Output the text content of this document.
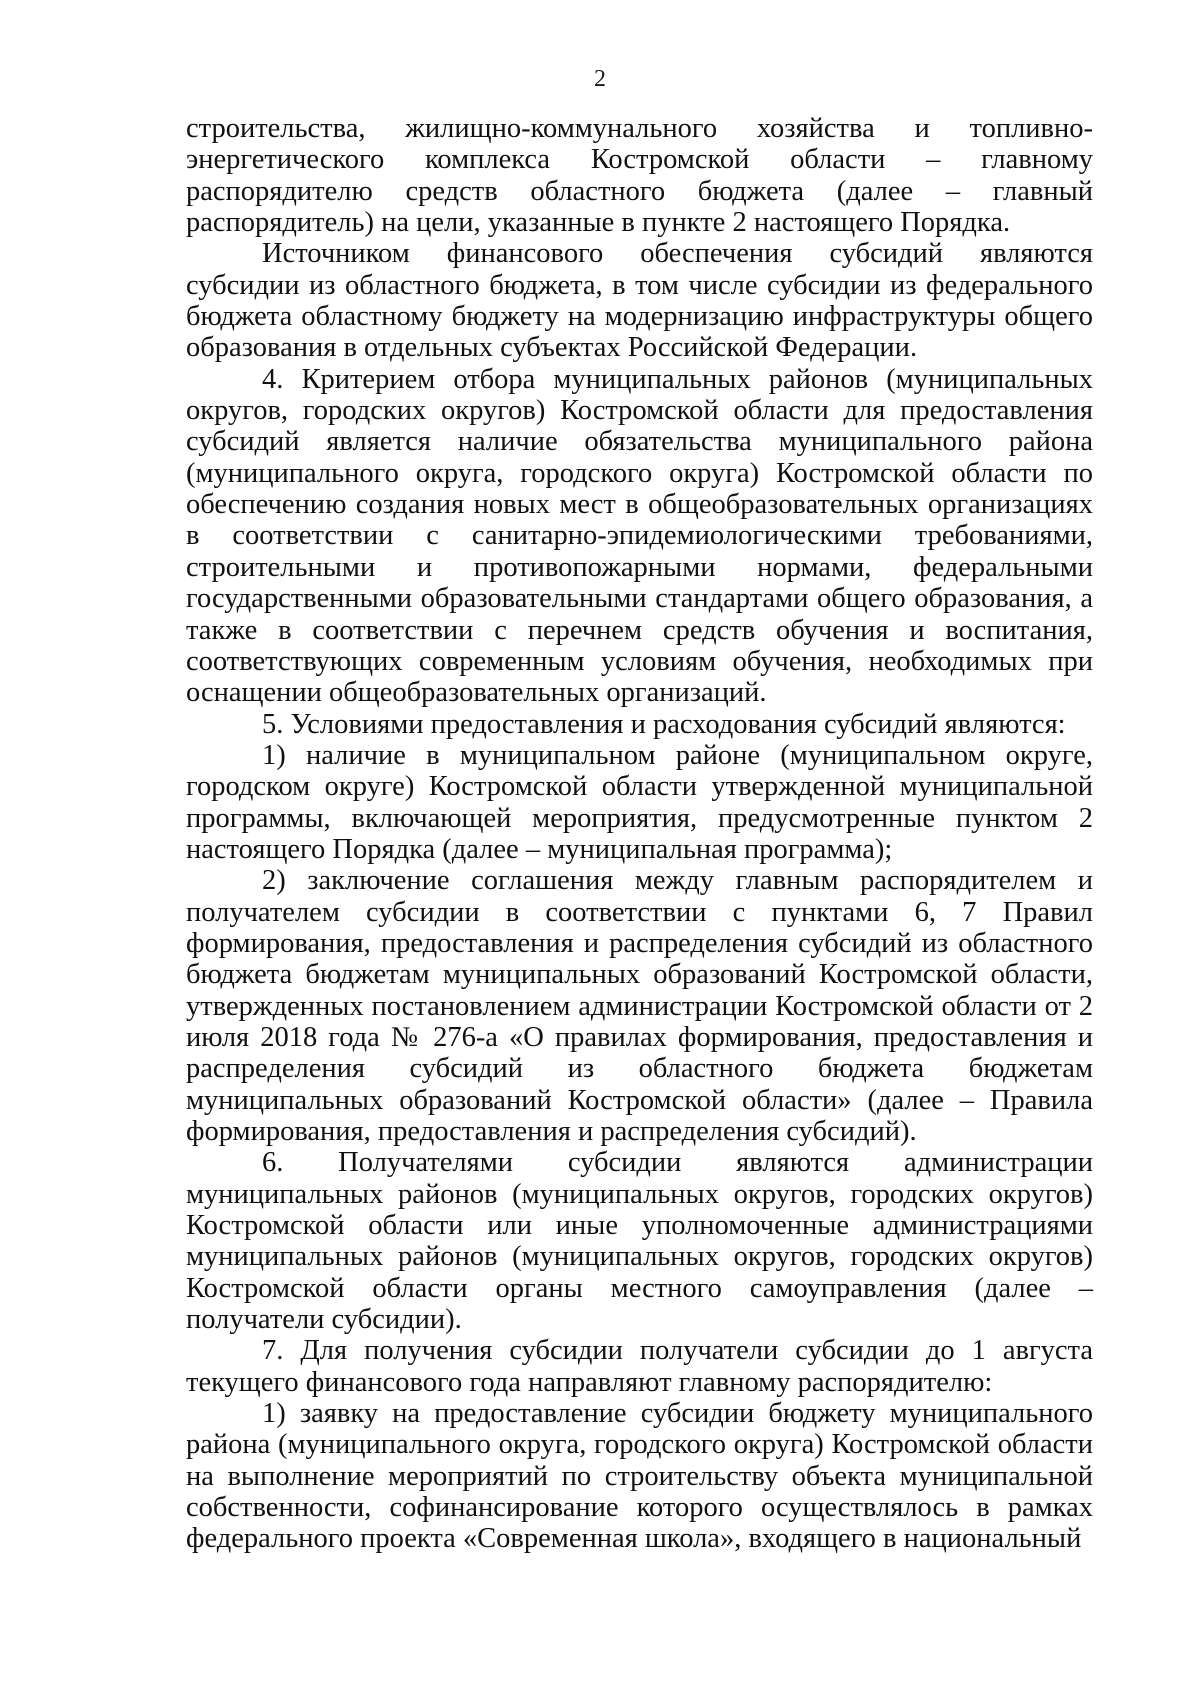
2

строительства, жилищно-коммунального хозяйства и топливно-энергетического комплекса Костромской области – главному распорядителю средств областного бюджета (далее – главный распорядитель) на цели, указанные в пункте 2 настоящего Порядка.

Источником финансового обеспечения субсидий являются субсидии из областного бюджета, в том числе субсидии из федерального бюджета областному бюджету на модернизацию инфраструктуры общего образования в отдельных субъектах Российской Федерации.

4. Критерием отбора муниципальных районов (муниципальных округов, городских округов) Костромской области для предоставления субсидий является наличие обязательства муниципального района (муниципального округа, городского округа) Костромской области по обеспечению создания новых мест в общеобразовательных организациях в соответствии с санитарно-эпидемиологическими требованиями, строительными и противопожарными нормами, федеральными государственными образовательными стандартами общего образования, а также в соответствии с перечнем средств обучения и воспитания, соответствующих современным условиям обучения, необходимых при оснащении общеобразовательных организаций.

5. Условиями предоставления и расходования субсидий являются:

1) наличие в муниципальном районе (муниципальном округе, городском округе) Костромской области утвержденной муниципальной программы, включающей мероприятия, предусмотренные пунктом 2 настоящего Порядка (далее – муниципальная программа);

2) заключение соглашения между главным распорядителем и получателем субсидии в соответствии с пунктами 6, 7 Правил формирования, предоставления и распределения субсидий из областного бюджета бюджетам муниципальных образований Костромской области, утвержденных постановлением администрации Костромской области от 2 июля 2018 года № 276-а «О правилах формирования, предоставления и распределения субсидий из областного бюджета бюджетам муниципальных образований Костромской области» (далее – Правила формирования, предоставления и распределения субсидий).

6. Получателями субсидии являются администрации муниципальных районов (муниципальных округов, городских округов) Костромской области или иные уполномоченные администрациями муниципальных районов (муниципальных округов, городских округов) Костромской области органы местного самоуправления (далее – получатели субсидии).

7. Для получения субсидии получатели субсидии до 1 августа текущего финансового года направляют главному распорядителю:

1) заявку на предоставление субсидии бюджету муниципального района (муниципального округа, городского округа) Костромской области на выполнение мероприятий по строительству объекта муниципальной собственности, софинансирование которого осуществлялось в рамках федерального проекта «Современная школа», входящего в национальный
